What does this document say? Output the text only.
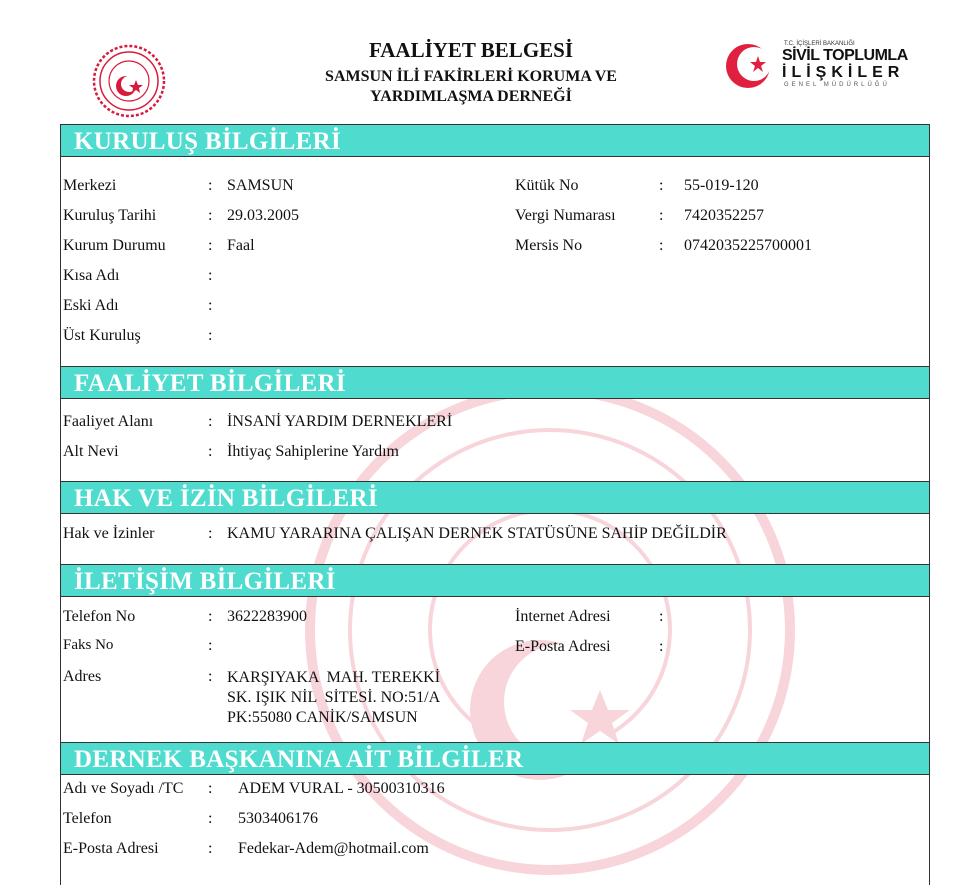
T.C. İÇİŞLERİ BAKANLIĞI
SİVİL TOPLUMLA
İLİŞKİLER
GENEL MÜDÜRLÜĞÜ
FAALİYET BELGESİ
SAMSUN İLİ FAKİRLERİ KORUMA VE
YARDIMLAŞMA DERNEĞİ
KURULUŞ BİLGİLERİ
Merkezi	: SAMSUN
Kuruluş Tarihi	: 29.03.2005
Kurum Durumu	: Faal
Kısa Adı	:
Eski Adı	:
Üst Kuruluş	:
Kütük No	: 55-019-120
Vergi Numarası	: 7420352257
Mersis No	: 0742035225700001
FAALİYET BİLGİLERİ
Faaliyet Alanı	: İNSANİ YARDIM DERNEKLERİ
Alt Nevi	: İhtiyaç Sahiplerine Yardım
HAK VE İZİN BİLGİLERİ
Hak ve İzinler	: KAMU YARARINA ÇALIŞAN DERNEK STATÜSÜNE SAHİP DEĞİLDİR
İLETİŞİM BİLGİLERİ
Telefon No	: 3622283900
Faks No	:
Adres	: KARŞIYAKA  MAH. TEREKKİ
SK. IŞIK NİL  SİTESİ. NO:51/A
PK:55080 CANİK/SAMSUN
İnternet Adresi	:
E-Posta Adresi	:
DERNEK BAŞKANINA AİT BİLGİLER
Adı ve Soyadı /TC : ADEM VURAL - 30500310316
Telefon	: 5303406176
E-Posta Adresi	: Fedekar-Adem@hotmail.com
